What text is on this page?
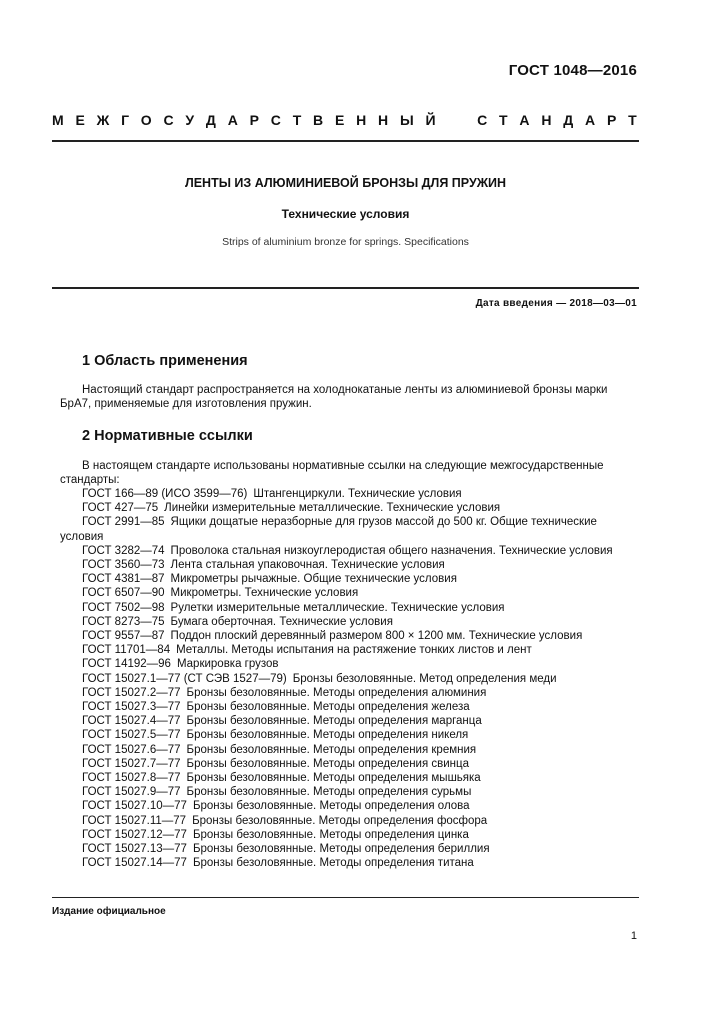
ГОСТ 1048—2016
М Е Ж Г О С У Д А Р С Т В Е Н Н Ы Й	С Т А Н Д А Р Т
ЛЕНТЫ ИЗ АЛЮМИНИЕВОЙ БРОНЗЫ ДЛЯ ПРУЖИН
Технические условия
Strips of aluminium bronze for springs. Specifications
Дата введения — 2018—03—01
1 Область применения
Настоящий стандарт распространяется на холоднокатаные ленты из алюминиевой бронзы марки БрА7, применяемые для изготовления пружин.
2 Нормативные ссылки
В настоящем стандарте использованы нормативные ссылки на следующие межгосударственные стандарты:
ГОСТ 166—89 (ИСО 3599—76) Штангенциркули. Технические условия
ГОСТ 427—75 Линейки измерительные металлические. Технические условия
ГОСТ 2991—85 Ящики дощатые неразборные для грузов массой до 500 кг. Общие технические условия
ГОСТ 3282—74 Проволока стальная низкоуглеродистая общего назначения. Технические условия
ГОСТ 3560—73 Лента стальная упаковочная. Технические условия
ГОСТ 4381—87 Микрометры рычажные. Общие технические условия
ГОСТ 6507—90 Микрометры. Технические условия
ГОСТ 7502—98 Рулетки измерительные металлические. Технические условия
ГОСТ 8273—75 Бумага оберточная. Технические условия
ГОСТ 9557—87 Поддон плоский деревянный размером 800 × 1200 мм. Технические условия
ГОСТ 11701—84 Металлы. Методы испытания на растяжение тонких листов и лент
ГОСТ 14192—96 Маркировка грузов
ГОСТ 15027.1—77 (СТ СЭВ 1527—79) Бронзы безоловянные. Метод определения меди
ГОСТ 15027.2—77 Бронзы безоловянные. Методы определения алюминия
ГОСТ 15027.3—77 Бронзы безоловянные. Методы определения железа
ГОСТ 15027.4—77 Бронзы безоловянные. Методы определения марганца
ГОСТ 15027.5—77 Бронзы безоловянные. Методы определения никеля
ГОСТ 15027.6—77 Бронзы безоловянные. Методы определения кремния
ГОСТ 15027.7—77 Бронзы безоловянные. Методы определения свинца
ГОСТ 15027.8—77 Бронзы безоловянные. Методы определения мышьяка
ГОСТ 15027.9—77 Бронзы безоловянные. Методы определения сурьмы
ГОСТ 15027.10—77 Бронзы безоловянные. Методы определения олова
ГОСТ 15027.11—77 Бронзы безоловянные. Методы определения фосфора
ГОСТ 15027.12—77 Бронзы безоловянные. Методы определения цинка
ГОСТ 15027.13—77 Бронзы безоловянные. Методы определения бериллия
ГОСТ 15027.14—77 Бронзы безоловянные. Методы определения титана
Издание официальное
1
